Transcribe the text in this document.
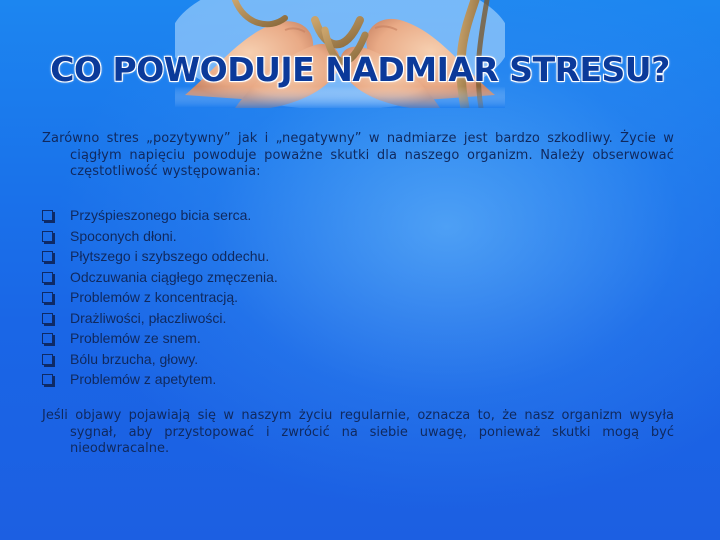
CO POWODUJE NADMIAR STRESU?
Zarówno stres „pozytywny” jak i „negatywny” w nadmiarze jest bardzo szkodliwy. Życie w ciągłym napięciu powoduje poważne skutki dla naszego organizm. Należy obserwować częstotliwość występowania:
Przyśpieszonego bicia serca.
Spoconych dłoni.
Płytszego i szybszego oddechu.
Odczuwania ciągłego zmęczenia.
Problemów z koncentracją.
Drażliwości, płaczliwości.
Problemów ze snem.
Bólu brzucha, głowy.
Problemów z apetytem.
Jeśli objawy pojawiają się w naszym życiu regularnie, oznacza to, że nasz organizm wysyła sygnał, aby przystopować i zwrócić na siebie uwagę, ponieważ skutki mogą być nieodwracalne.
